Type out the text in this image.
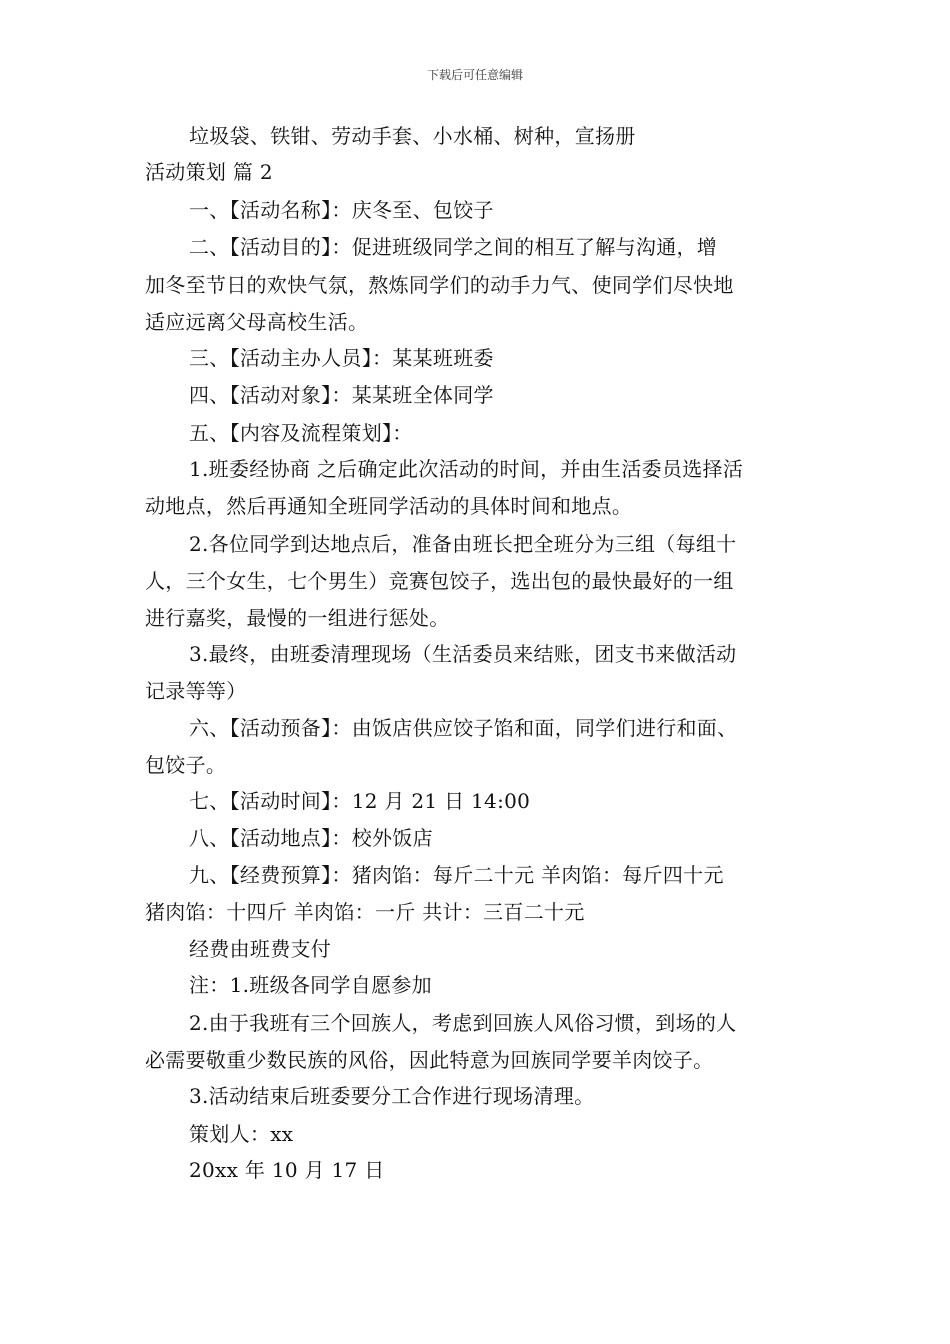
下载后可任意编辑
垃圾袋、铁钳、劳动手套、小水桶、树种，宣扬册
活动策划 篇 2
一、【活动名称】：庆冬至、包饺子
二、【活动目的】：促进班级同学之间的相互了解与沟通，增
加冬至节日的欢快气氛，熬炼同学们的动手力气、使同学们尽快地
适应远离父母高校生活。
三、【活动主办人员】：某某班班委
四、【活动对象】：某某班全体同学
五、【内容及流程策划】：
1.班委经协商 之后确定此次活动的时间，并由生活委员选择活
动地点，然后再通知全班同学活动的具体时间和地点。
2.各位同学到达地点后，准备由班长把全班分为三组（每组十
人，三个女生，七个男生）竞赛包饺子，选出包的最快最好的一组
进行嘉奖，最慢的一组进行惩处。
3.最终，由班委清理现场（生活委员来结账，团支书来做活动
记录等等）
六、【活动预备】：由饭店供应饺子馅和面，同学们进行和面、
包饺子。
七、【活动时间】：12 月 21 日 14:00
八、【活动地点】：校外饭店
九、【经费预算】：猪肉馅：每斤二十元 羊肉馅：每斤四十元
猪肉馅：十四斤 羊肉馅：一斤 共计：三百二十元
经费由班费支付
注：1.班级各同学自愿参加
2.由于我班有三个回族人，考虑到回族人风俗习惯，到场的人
必需要敬重少数民族的风俗，因此特意为回族同学要羊肉饺子。
3.活动结束后班委要分工合作进行现场清理。
策划人：xx
20xx 年 10 月 17 日
